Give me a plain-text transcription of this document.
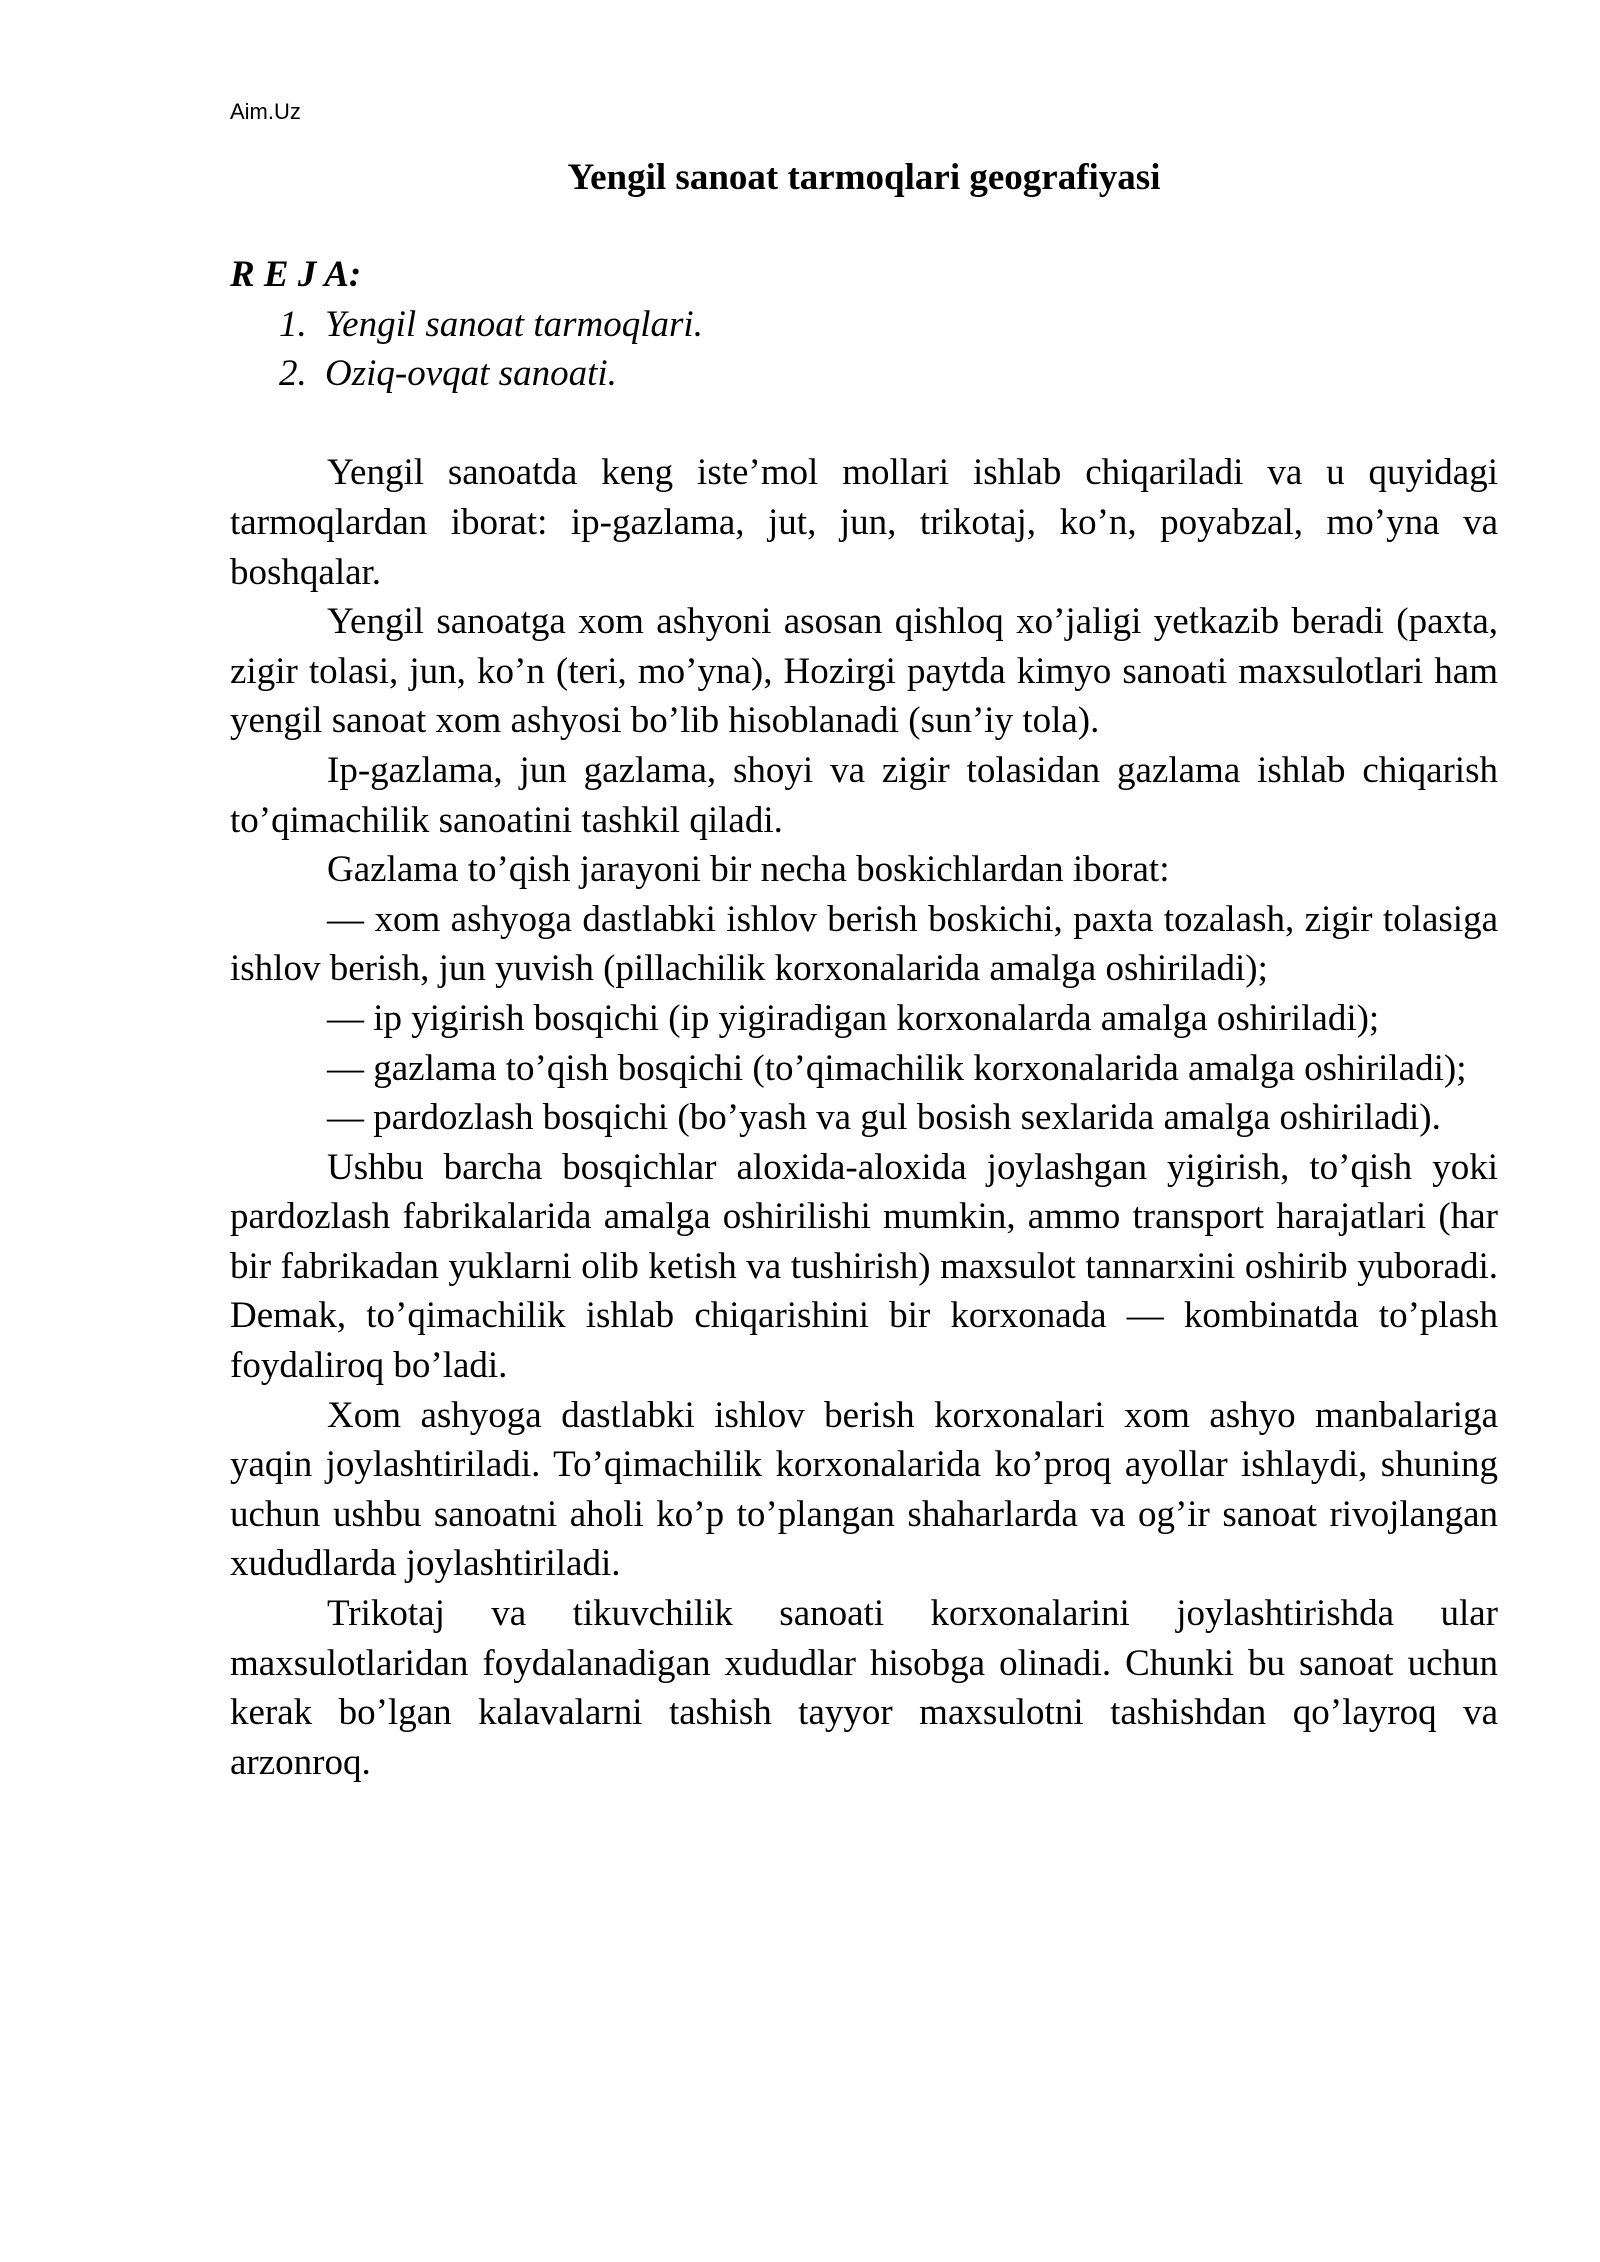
Aim.Uz
Yengil sanoat tarmoqlari geografiyasi
R E J A:
1. Yengil sanoat tarmoqlari.
2. Oziq-ovqat sanoati.

Yengil sanoatda keng iste’mol mollari ishlab chiqariladi va u quyidagi tarmoqlardan iborat: ip-gazlama, jut, jun, trikotaj, ko’n, poyabzal, mo’yna va boshqalar.

Yengil sanoatga xom ashyoni asosan qishloq xo’jaligi yetkazib beradi (paxta, zigir tolasi, jun, ko’n (teri, mo’yna), Hozirgi paytda kimyo sanoati maxsulotlari ham yengil sanoat xom ashyosi bo’lib hisoblanadi (sun’iy tola).

Ip-gazlama, jun gazlama, shoyi va zigir tolasidan gazlama ishlab chiqarish to’qimachilik sanoatini tashkil qiladi.

Gazlama to’qish jarayoni bir necha boskichlardan iborat:

— xom ashyoga dastlabki ishlov berish boskichi, paxta tozalash, zigir tolasiga ishlov berish, jun yuvish (pillachilik korxonalarida amalga oshiriladi);

— ip yigirish bosqichi (ip yigiradigan korxonalarda amalga oshiriladi);

— gazlama to’qish bosqichi (to’qimachilik korxonalarida amalga oshiriladi);

— pardozlash bosqichi (bo’yash va gul bosish sexlarida amalga oshiriladi).

Ushbu barcha bosqichlar aloxida-aloxida joylashgan yigirish, to’qish yoki pardozlash fabrikalarida amalga oshirilishi mumkin, ammo transport harajatlari (har bir fabrikadan yuklarni olib ketish va tushirish) maxsulot tannarxini oshirib yuboradi. Demak, to’qimachilik ishlab chiqarishini bir korxonada — kombinatda to’plash foydaliroq bo’ladi.

Xom ashyoga dastlabki ishlov berish korxonalari xom ashyo manbalariga yaqin joylashtiriladi. To’qimachilik korxonalarida ko’proq ayollar ishlaydi, shuning uchun ushbu sanoatni aholi ko’p to’plangan shaharlarda va og’ir sanoat rivojlangan xududlarda joylashtiriladi.

Trikotaj va tikuvchilik sanoati korxonalarini joylashtirishda ular maxsulotlaridan foydalanadigan xududlar hisobga olinadi. Chunki bu sanoat uchun kerak bo’lgan kalavalarni tashish tayyor maxsulotni tashishdan qo’layroq va arzonroq.
